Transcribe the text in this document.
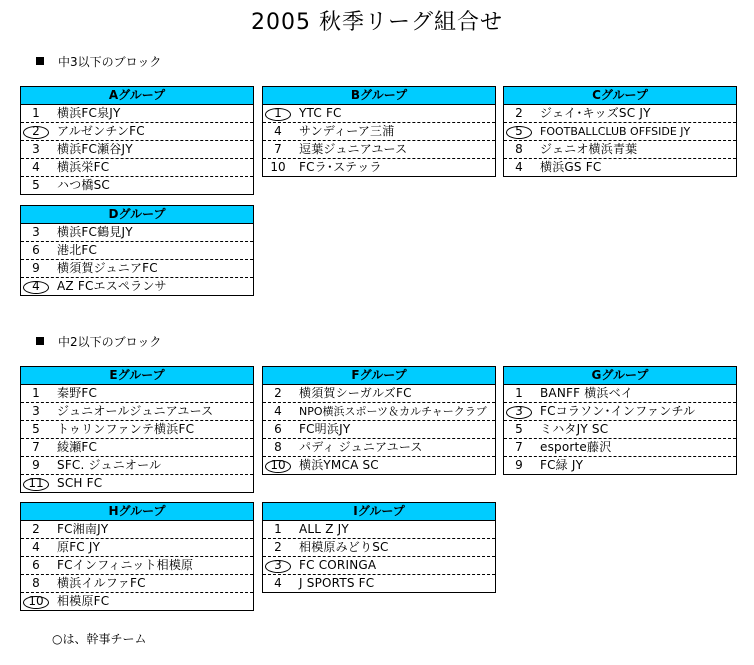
2005 秋季リーグ組合せ
中3以下のブロック
Aグループ
1	横浜FC泉JY
2	アルゼンチンFC
3	横浜FC瀬谷JY
4	横浜栄FC
5	ハつ橋SC
Bグループ
1	YTC FC
4	サンディーア三浦
7	逗葉ジュニアユース
10	FCラ･ステッラ
Cグループ
2	ジェイ･キッズSC JY
5	FOOTBALLCLUB OFFSIDE JY
8	ジェニオ横浜青葉
4	横浜GS FC
Dグループ
3	横浜FC鶴見JY
6	港北FC
9	横須賀ジュニアFC
4	AZ FCエスペランサ
中2以下のブロック
Eグループ
1	秦野FC
3	ジュニオールジュニアユース
5	トゥリンファンテ横浜FC
7	綾瀬FC
9	SFC. ジュニオール
11	SCH FC
Fグループ
2	横須賀シーガルズFC
4	NPO横浜スポーツ＆カルチャークラブ
6	FC明浜JY
8	パディ ジュニアユース
10	横浜YMCA SC
Gグループ
1	BANFF 横浜ベイ
3	FCコラソン･インファンチル
5	ミハタJY SC
7	esporte藤沢
9	FC緑 JY
Hグループ
2	FC湘南JY
4	原FC JY
6	FCインフィニット相模原
8	横浜イルファFC
10	相模原FC
Iグループ
1	ALL Z JY
2	相模原みどりSC
3	FC CORINGA
4	J SPORTS FC
○は、幹事チーム
